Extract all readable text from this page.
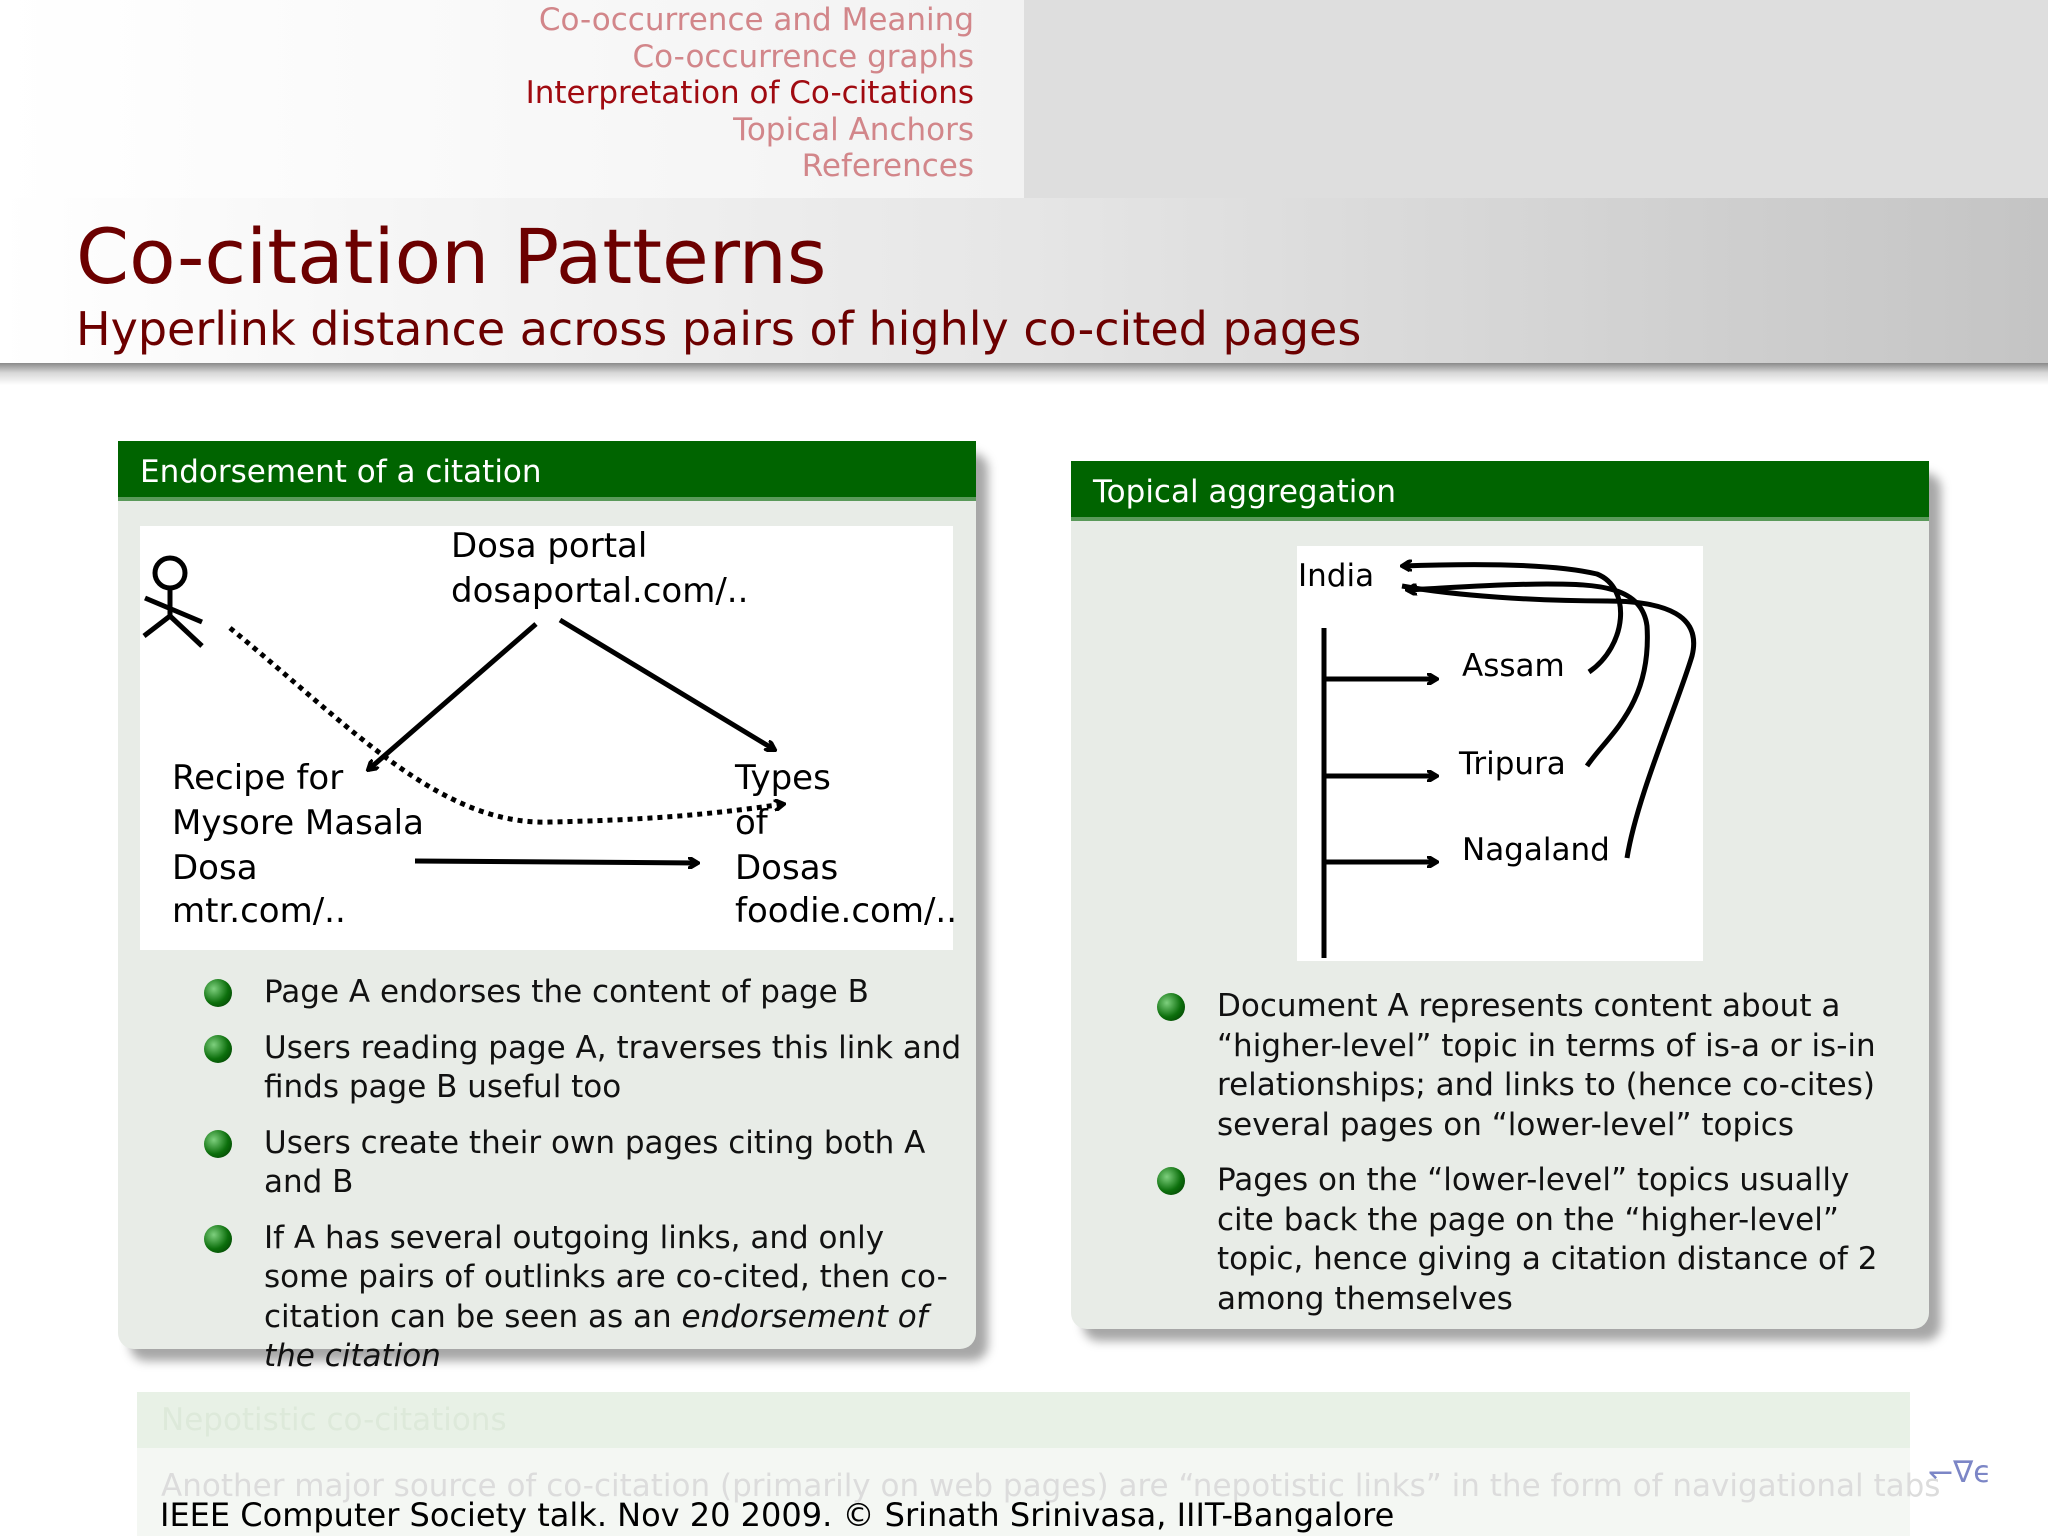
Co-occurrence and Meaning
Co-occurrence graphs
Interpretation of Co-citations
Topical Anchors
References
Co-citation Patterns
Hyperlink distance across pairs of highly co-cited pages
Endorsement of a citation
Dosa portal
dosaportal.com/..
Recipe for
Mysore Masala
Dosa
mtr.com/..
Types
of
Dosas
foodie.com/..
Page A endorses the content of page B
Users reading page A, traverses this link and finds page B useful too
Users create their own pages citing both A and B
If A has several outgoing links, and only some pairs of outlinks are co-cited, then co-citation can be seen as an endorsement of the citation
Topical aggregation
India
Assam
Tripura
Nagaland
Document A represents content about a “higher-level” topic in terms of is-a or is-in relationships; and links to (hence co-cites) several pages on “lower-level” topics
Pages on the “lower-level” topics usually cite back the page on the “higher-level” topic, hence giving a citation distance of 2 among themselves
Nepotistic co-citations
Another major source of co-citation (primarily on web pages) are “nepotistic links” in the form of navigational tabs
IEEE Computer Society talk. Nov 20 2009. © Srinath Srinivasa, IIIT-Bangalore
↽∇ϵ
